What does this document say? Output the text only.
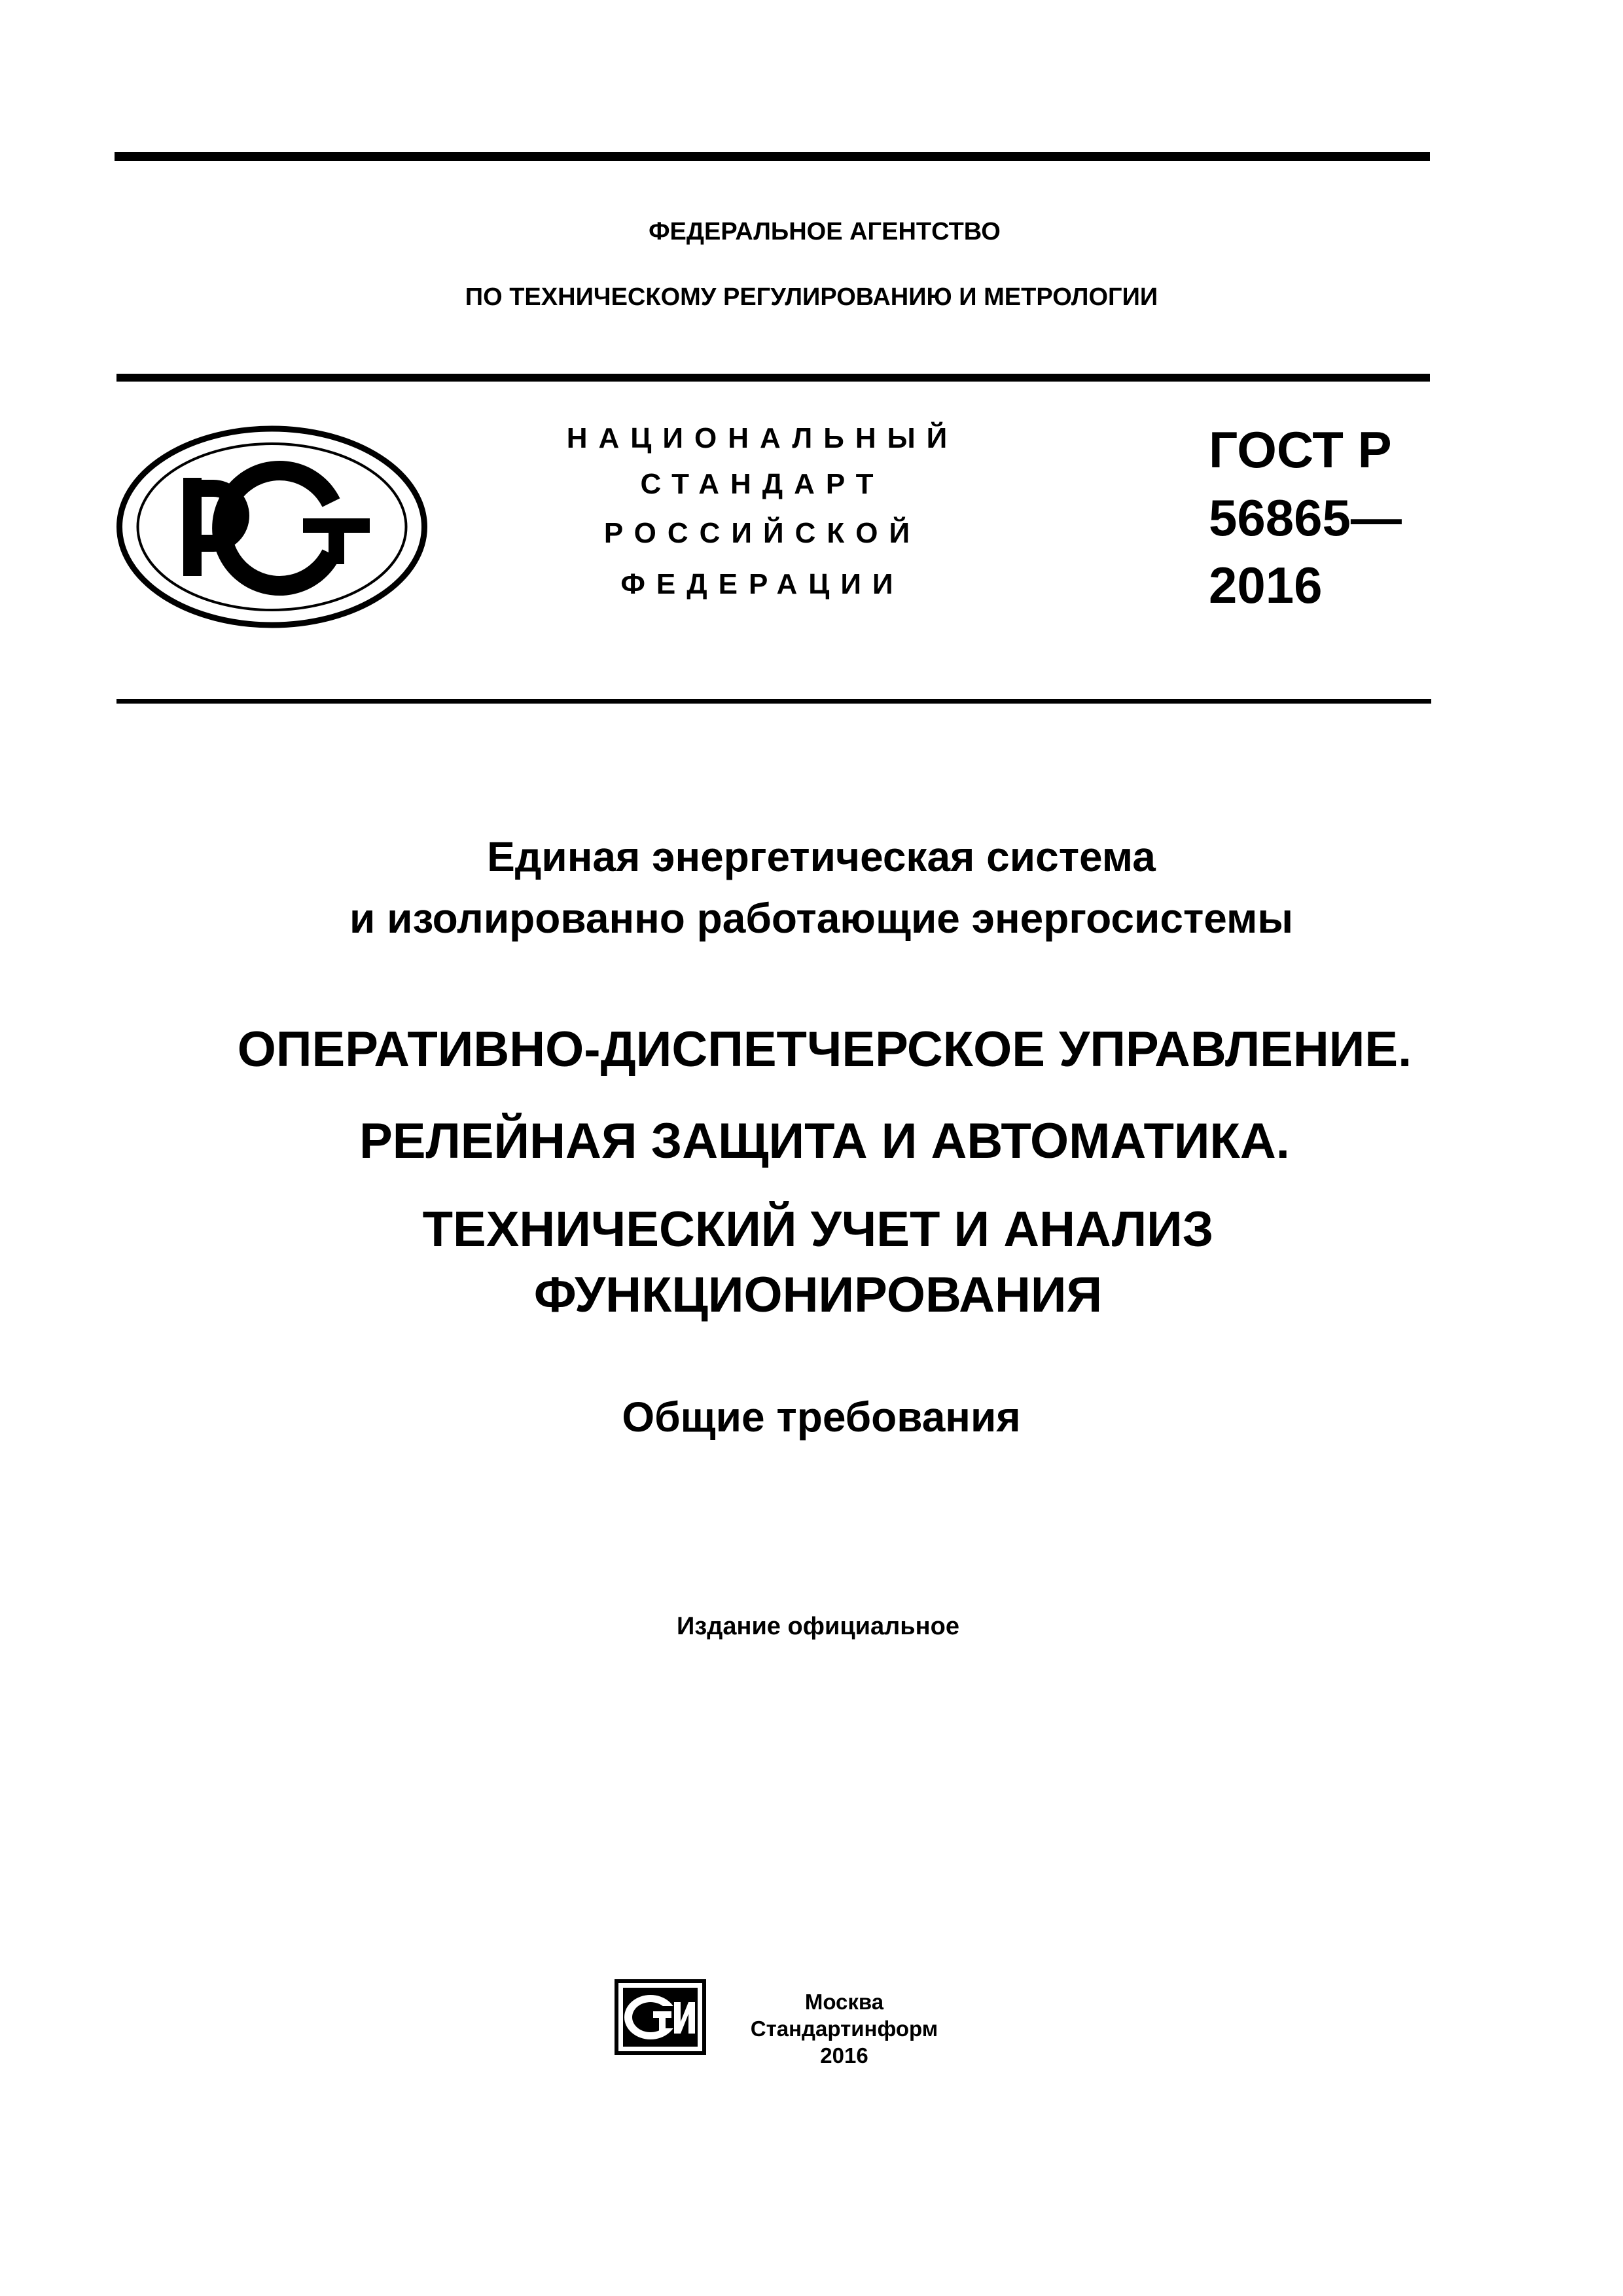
ФЕДЕРАЛЬНОЕ АГЕНТСТВО
ПО ТЕХНИЧЕСКОМУ РЕГУЛИРОВАНИЮ И МЕТРОЛОГИИ
НАЦИОНАЛЬНЫЙ
СТАНДАРТ
РОССИЙСКОЙ
ФЕДЕРАЦИИ
ГОСТ Р
56865—
2016
Единая энергетическая система
и изолированно работающие энергосистемы
ОПЕРАТИВНО-ДИСПЕТЧЕРСКОЕ УПРАВЛЕНИЕ.
РЕЛЕЙНАЯ ЗАЩИТА И АВТОМАТИКА.
ТЕХНИЧЕСКИЙ УЧЕТ И АНАЛИЗ
ФУНКЦИОНИРОВАНИЯ
Общие требования
Издание официальное
Москва
Стандартинформ
2016
